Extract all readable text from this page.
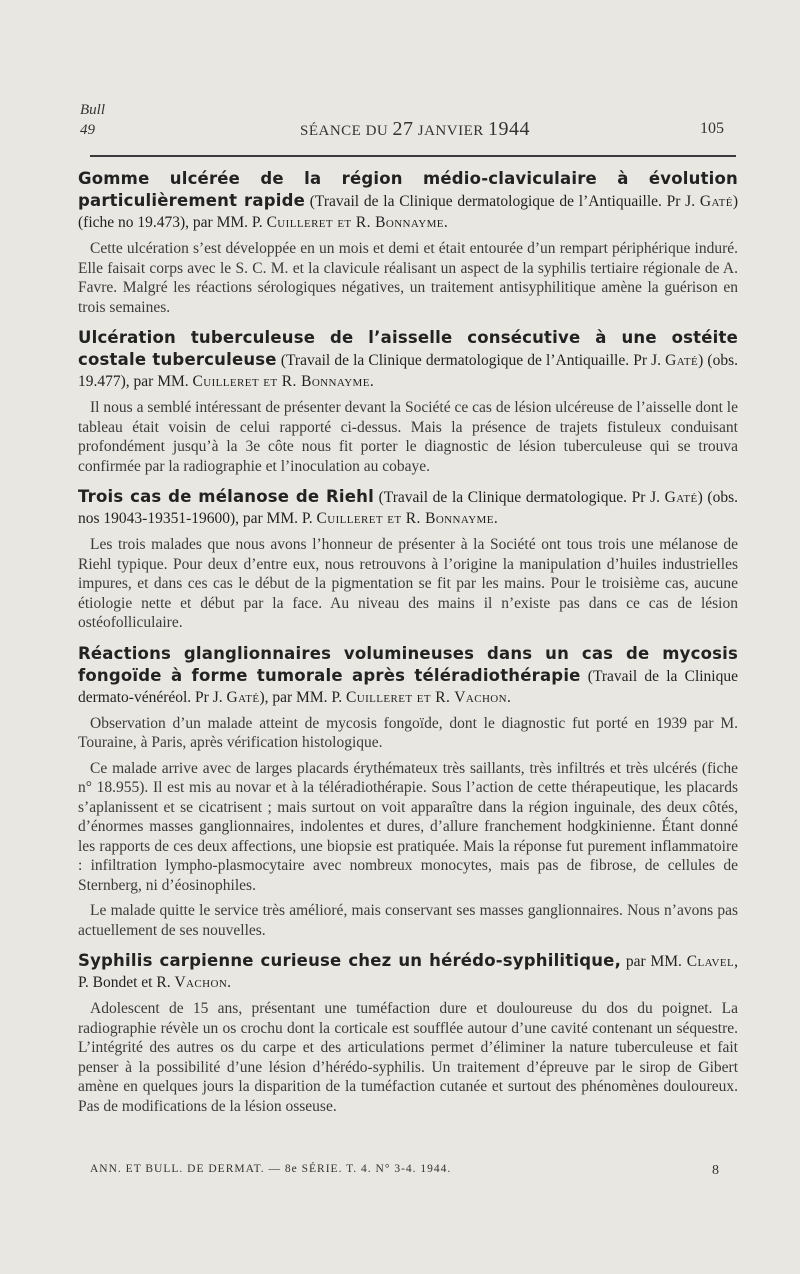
Bull
49	SÉANCE DU 27 JANVIER 1944	105

Gomme ulcérée de la région médio-claviculaire à évolution particulièrement rapide (Travail de la Clinique dermatologique de l’Antiquaille. Pr J. Gaté) (fiche no 19.473), par MM. P. Cuilleret et R. Bonnayme.

Cette ulcération s’est développée en un mois et demi et était entourée d’un rempart périphérique induré. Elle faisait corps avec le S. C. M. et la clavicule réalisant un aspect de la syphilis tertiaire régionale de A. Favre. Malgré les réactions sérologiques négatives, un traitement antisyphilitique amène la guérison en trois semaines.

Ulcération tuberculeuse de l’aisselle consécutive à une ostéite costale tuberculeuse (Travail de la Clinique dermatologique de l’Antiquaille. Pr J. Gaté) (obs. 19.477), par MM. Cuilleret et R. Bonnayme.

Il nous a semblé intéressant de présenter devant la Société ce cas de lésion ulcéreuse de l’aisselle dont le tableau était voisin de celui rapporté ci-dessus. Mais la présence de trajets fistuleux conduisant profondément jusqu’à la 3e côte nous fit porter le diagnostic de lésion tuberculeuse qui se trouva confirmée par la radiographie et l’inoculation au cobaye.

Trois cas de mélanose de Riehl (Travail de la Clinique dermatologique. Pr J. Gaté) (obs. nos 19043-19351-19600), par MM. P. Cuilleret et R. Bonnayme.

Les trois malades que nous avons l’honneur de présenter à la Société ont tous trois une mélanose de Riehl typique. Pour deux d’entre eux, nous retrouvons à l’origine la manipulation d’huiles industrielles impures, et dans ces cas le début de la pigmentation se fit par les mains. Pour le troisième cas, aucune étiologie nette et début par la face. Au niveau des mains il n’existe pas dans ce cas de lésion ostéofolliculaire.

Réactions glanglionnaires volumineuses dans un cas de mycosis fongoïde à forme tumorale après téléradiothérapie (Travail de la Clinique dermato-vénéréol. Pr J. Gaté), par MM. P. Cuilleret et R. Vachon.

Observation d’un malade atteint de mycosis fongoïde, dont le diagnostic fut porté en 1939 par M. Touraine, à Paris, après vérification histologique.

Ce malade arrive avec de larges placards érythémateux très saillants, très infiltrés et très ulcérés (fiche n° 18.955). Il est mis au novar et à la téléradiothérapie. Sous l’action de cette thérapeutique, les placards s’aplanissent et se cicatrisent ; mais surtout on voit apparaître dans la région inguinale, des deux côtés, d’énormes masses ganglionnaires, indolentes et dures, d’allure franchement hodgkinienne. Étant donné les rapports de ces deux affections, une biopsie est pratiquée. Mais la réponse fut purement inflammatoire : infiltration lympho-plasmocytaire avec nombreux monocytes, mais pas de fibrose, de cellules de Sternberg, ni d’éosinophiles.

Le malade quitte le service très amélioré, mais conservant ses masses ganglionnaires. Nous n’avons pas actuellement de ses nouvelles.

Syphilis carpienne curieuse chez un hérédo-syphilitique, par MM. Clavel, P. Bondet et R. Vachon.

Adolescent de 15 ans, présentant une tuméfaction dure et douloureuse du dos du poignet. La radiographie révèle un os crochu dont la corticale est soufflée autour d’une cavité contenant un séquestre. L’intégrité des autres os du carpe et des articulations permet d’éliminer la nature tuberculeuse et fait penser à la possibilité d’une lésion d’hérédo-syphilis. Un traitement d’épreuve par le sirop de Gibert amène en quelques jours la disparition de la tuméfaction cutanée et surtout des phénomènes douloureux. Pas de modifications de la lésion osseuse.

ANN. ET BULL. DE DERMAT. — 8e SÉRIE. T. 4. N° 3-4. 1944.	8
